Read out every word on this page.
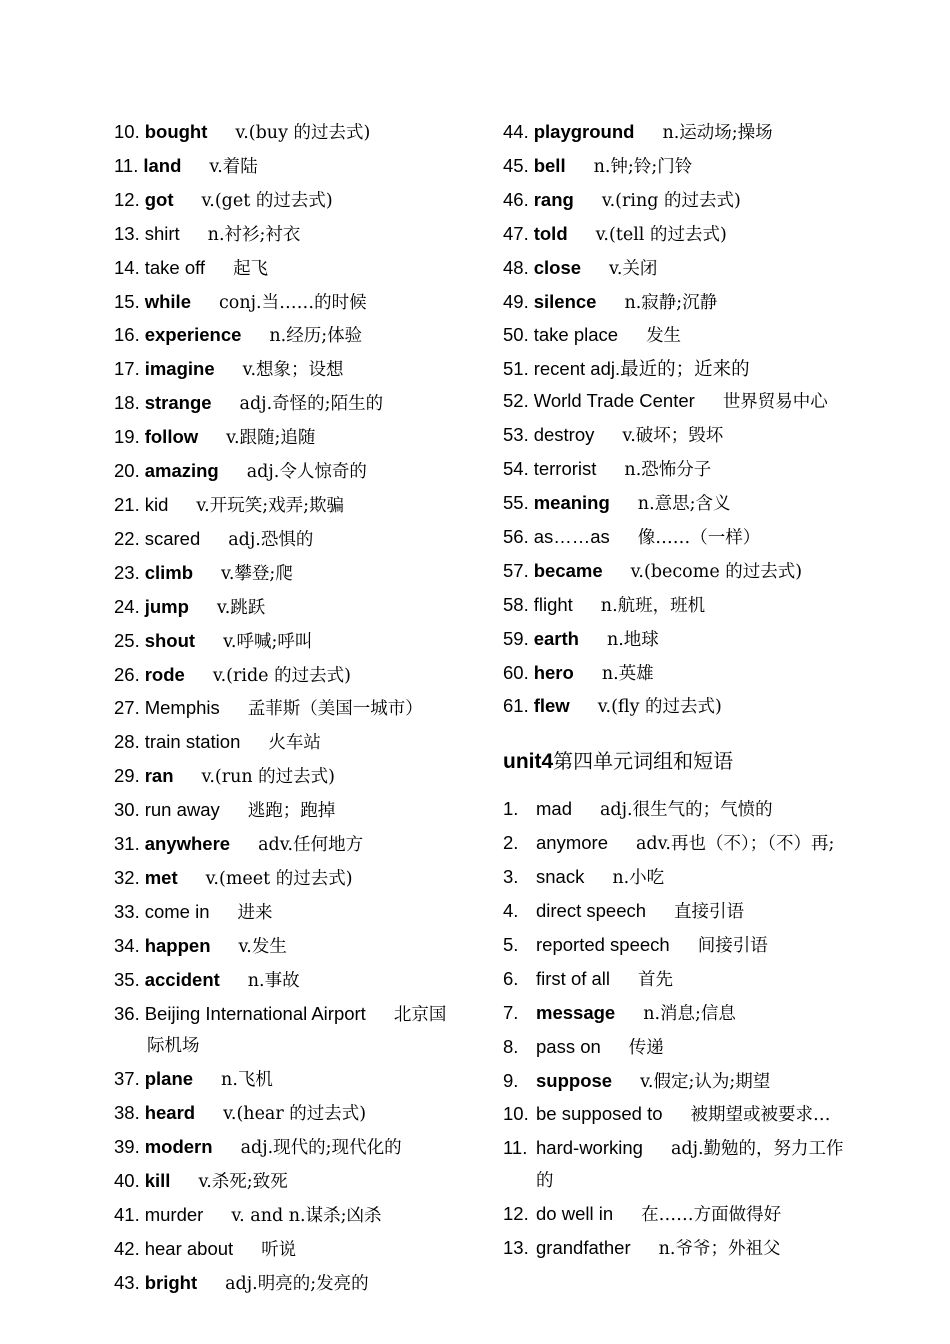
10. bought v.(buy 的过去式)
11. land v.着陆
12. got v.(get 的过去式)
13. shirt n.衬衫;衬衣
14. take off 起飞
15. while conj.当……的时候
16. experience n.经历;体验
17. imagine v.想象；设想
18. strange adj.奇怪的;陌生的
19. follow v.跟随;追随
20. amazing adj.令人惊奇的
21. kid v.开玩笑;戏弄;欺骗
22. scared adj.恐惧的
23. climb v.攀登;爬
24. jump v.跳跃
25. shout v.呼喊;呼叫
26. rode v.(ride 的过去式)
27. Memphis 孟菲斯（美国一城市）
28. train station 火车站
29. ran v.(run 的过去式)
30. run away 逃跑；跑掉
31. anywhere adv.任何地方
32. met v.(meet 的过去式)
33. come in 进来
34. happen v.发生
35. accident n.事故
36. Beijing International Airport 北京国
际机场
37. plane n.飞机
38. heard v.(hear 的过去式)
39. modern adj.现代的;现代化的
40. kill v.杀死;致死
41. murder v. and n.谋杀;凶杀
42. hear about 听说
43. bright adj.明亮的;发亮的
44. playground n.运动场;操场
45. bell n.钟;铃;门铃
46. rang v.(ring 的过去式)
47. told v.(tell 的过去式)
48. close v.关闭
49. silence n.寂静;沉静
50. take place 发生
51. recent adj.最近的；近来的
52. World Trade Center 世界贸易中心
53. destroy v.破坏；毁坏
54. terrorist n.恐怖分子
55. meaning n.意思;含义
56. as……as 像……（一样）
57. became v.(become 的过去式)
58. flight n.航班，班机
59. earth n.地球
60. hero n.英雄
61. flew v.(fly 的过去式)
unit4第四单元词组和短语
1. mad adj.很生气的；气愤的
2. anymore adv.再也（不）；（不）再;
3. snack n.小吃
4. direct speech 直接引语
5. reported speech 间接引语
6. first of all 首先
7. message n.消息;信息
8. pass on 传递
9. suppose v.假定;认为;期望
10. be supposed to 被期望或被要求…
11. hard-working adj.勤勉的，努力工作
的
12. do well in 在……方面做得好
13. grandfather n.爷爷；外祖父
